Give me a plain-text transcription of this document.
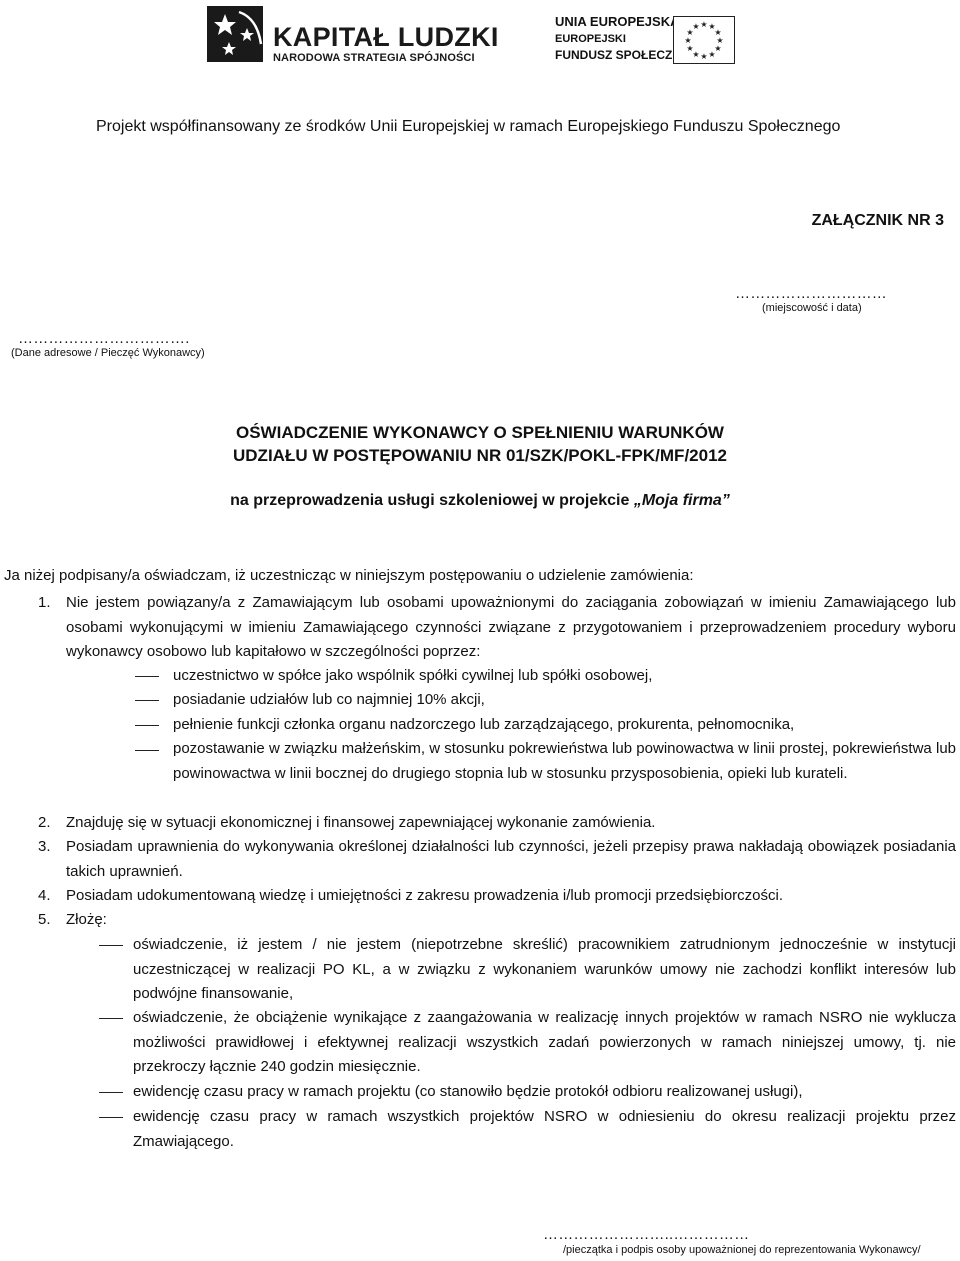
KAPITAŁ LUDZKI
NARODOWA STRATEGIA SPÓJNOŚCI
UNIA EUROPEJSKA
EUROPEJSKI
FUNDUSZ SPOŁECZNY
★ ★
★
★
★
★
★
★
★
★
★
★
Projekt współfinansowany ze środków Unii Europejskiej w ramach Europejskiego Funduszu Społecznego
ZAŁĄCZNIK NR 3
…………………………
(miejscowość i data)
…………………………….
(Dane adresowe / Pieczęć Wykonawcy)
OŚWIADCZENIE WYKONAWCY O SPEŁNIENIU WARUNKÓW
UDZIAŁU W POSTĘPOWANIU NR 01/SZK/POKL-FPK/MF/2012
na przeprowadzenia usługi szkoleniowej w projekcie „Moja firma”
Ja niżej podpisany/a oświadczam, iż uczestnicząc w niniejszym postępowaniu o udzielenie zamówienia:
1. Nie jestem powiązany/a z Zamawiającym lub osobami upoważnionymi do zaciągania zobowiązań w imieniu Zamawiającego lub osobami wykonującymi w imieniu Zamawiającego czynności związane z przygotowaniem i przeprowadzeniem procedury wyboru wykonawcy osobowo lub kapitałowo w szczególności poprzez:
uczestnictwo w spółce jako wspólnik spółki cywilnej lub spółki osobowej,
posiadanie udziałów lub co najmniej 10% akcji,
pełnienie funkcji członka organu nadzorczego lub zarządzającego, prokurenta, pełnomocnika,
pozostawanie w związku małżeńskim, w stosunku pokrewieństwa lub powinowactwa w linii prostej, pokrewieństwa lub powinowactwa w linii bocznej do drugiego stopnia lub w stosunku przysposobienia, opieki lub kurateli.
2. Znajduję się w sytuacji ekonomicznej i finansowej zapewniającej wykonanie zamówienia.
3. Posiadam uprawnienia do wykonywania określonej działalności lub czynności, jeżeli przepisy prawa nakładają obowiązek posiadania takich uprawnień.
4. Posiadam udokumentowaną wiedzę i umiejętności z zakresu prowadzenia i/lub promocji przedsiębiorczości.
5. Złożę:
oświadczenie, iż jestem / nie jestem (niepotrzebne skreślić) pracownikiem zatrudnionym jednocześnie w instytucji uczestniczącej w realizacji PO KL, a w związku z wykonaniem warunków umowy nie zachodzi konflikt interesów lub podwójne finansowanie,
oświadczenie, że obciążenie wynikające z zaangażowania w realizację innych projektów w ramach NSRO nie wyklucza możliwości prawidłowej i efektywnej realizacji wszystkich zadań powierzonych w ramach niniejszej umowy, tj. nie przekroczy łącznie 240 godzin miesięcznie.
ewidencję czasu pracy w ramach projektu (co stanowiło będzie protokół odbioru realizowanej usługi),
ewidencję czasu pracy w ramach wszystkich projektów NSRO w odniesieniu do okresu realizacji projektu przez Zmawiającego.
……………………..……………
/pieczątka i podpis osoby upoważnionej do reprezentowania Wykonawcy/
